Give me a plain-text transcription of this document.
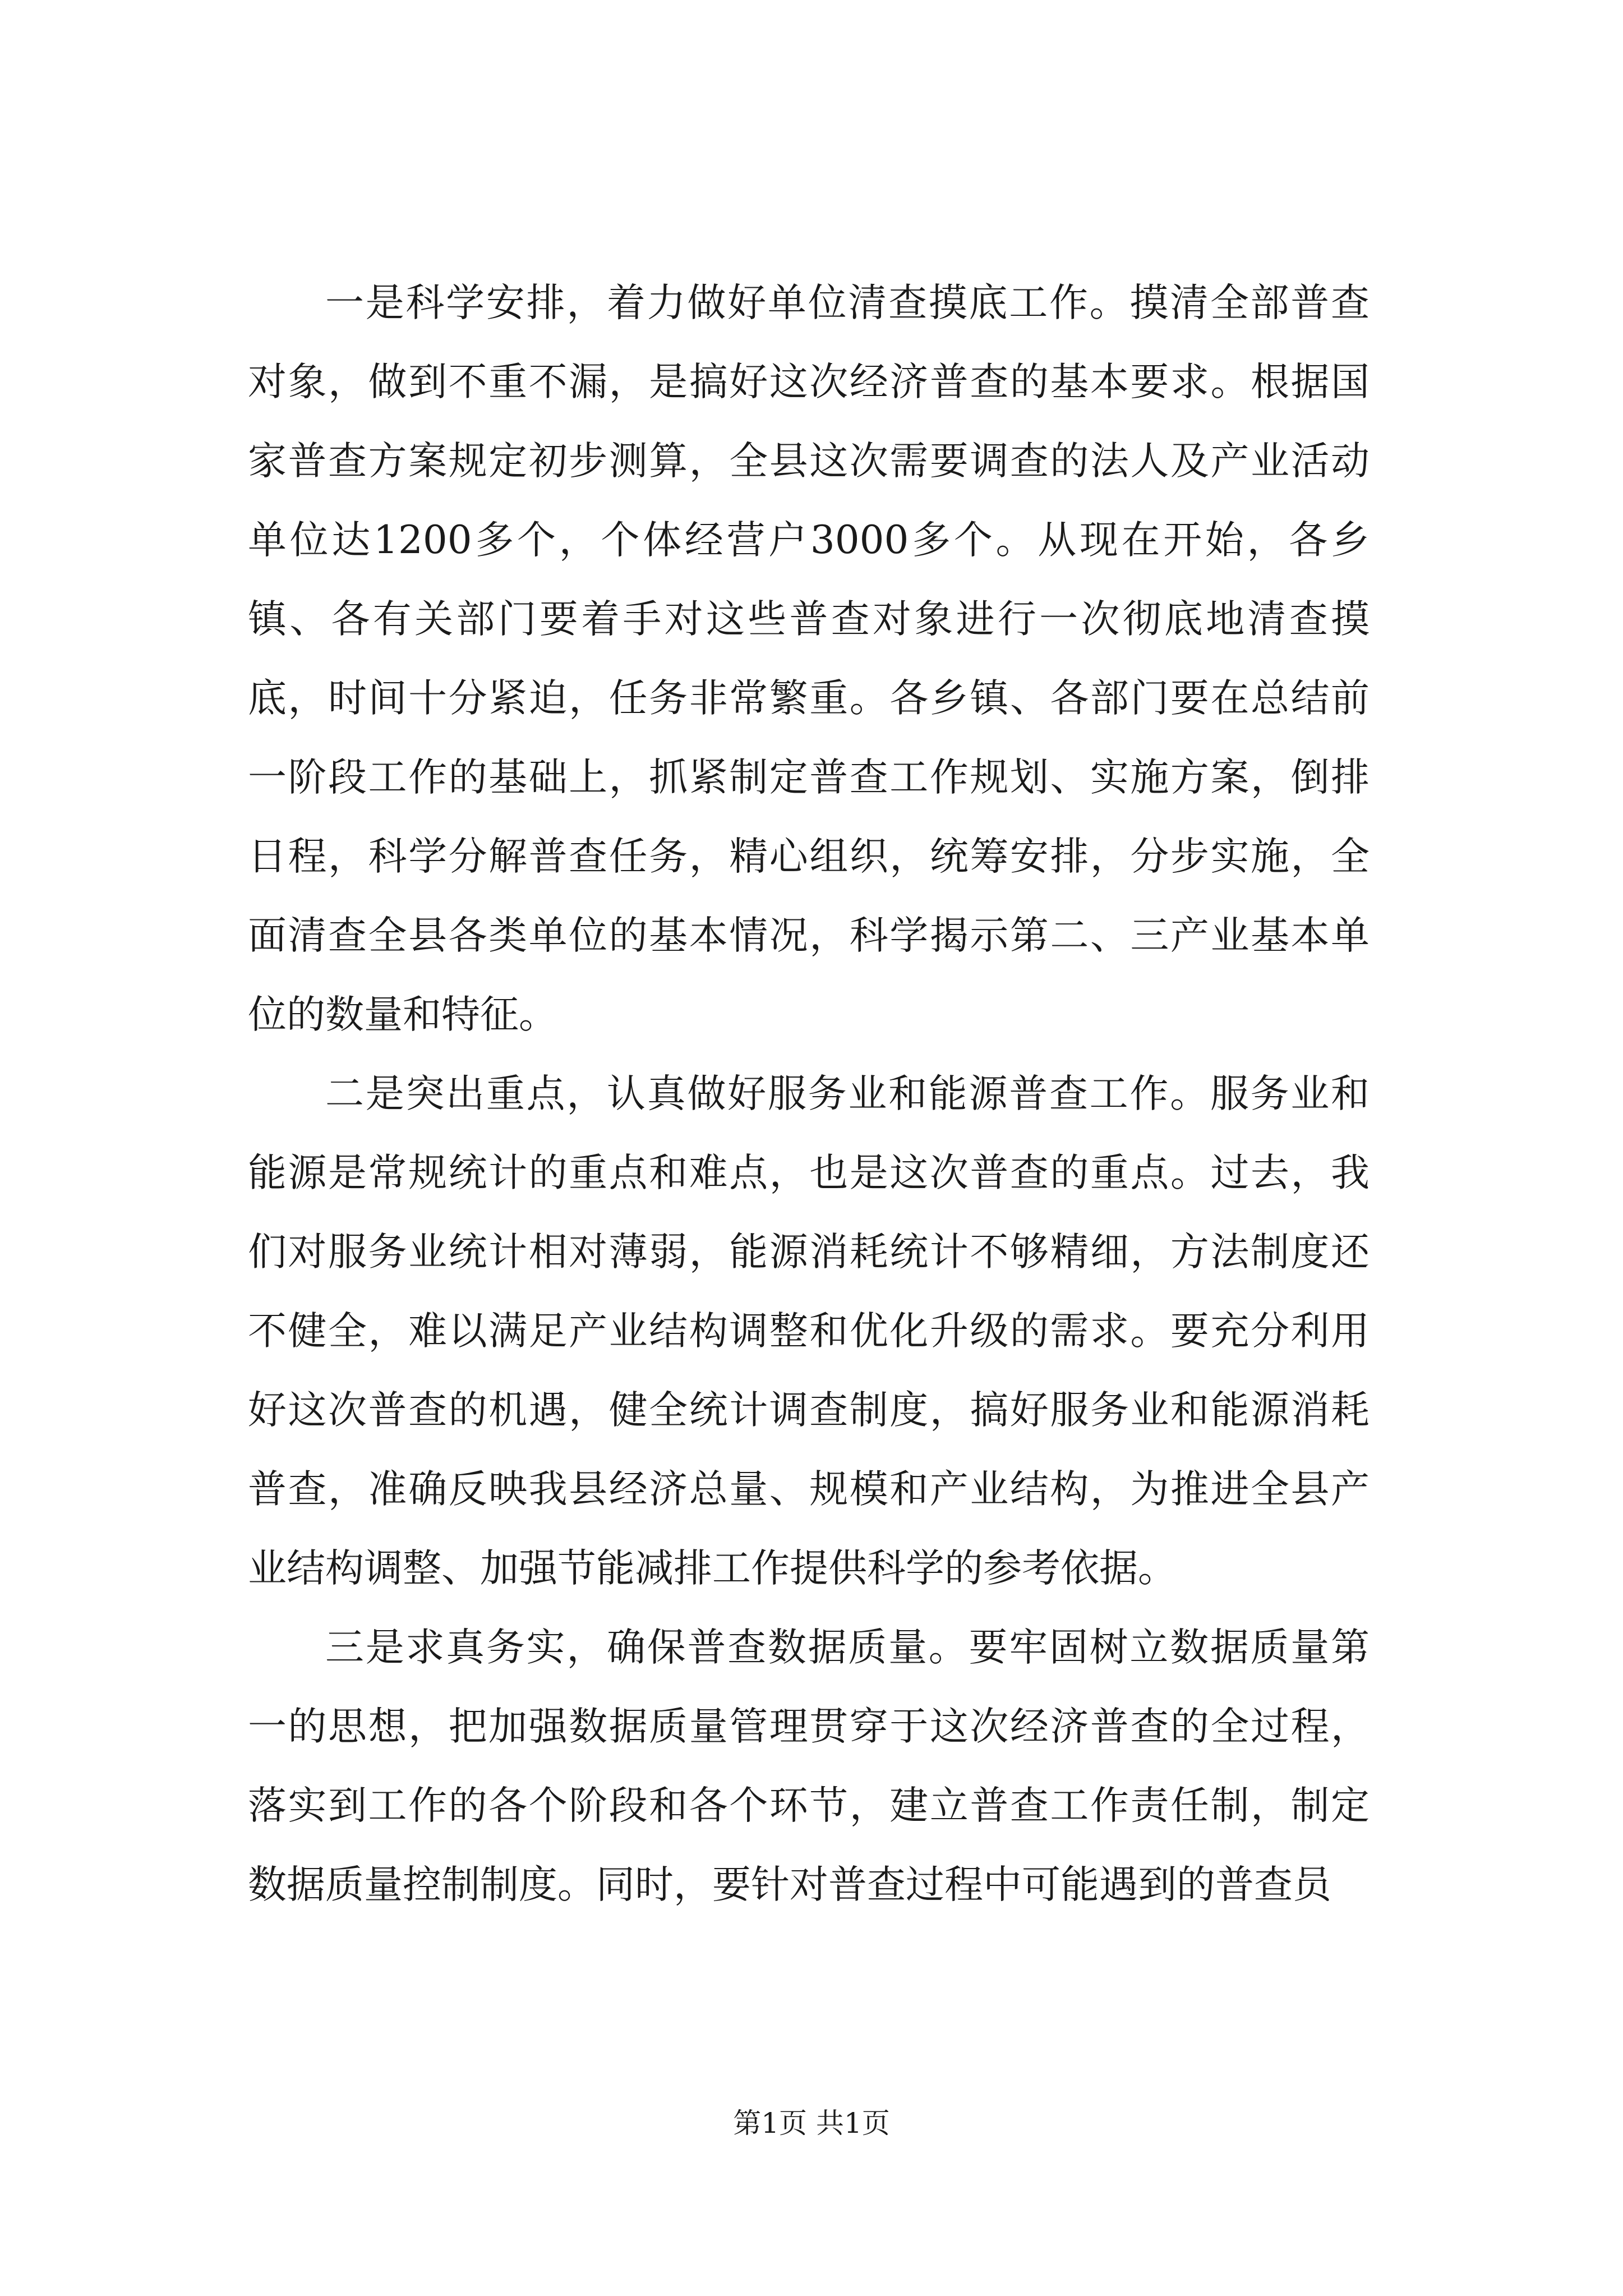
一是科学安排，着力做好单位清查摸底工作。摸清全部普查对象，做到不重不漏，是搞好这次经济普查的基本要求。根据国家普查方案规定初步测算，全县这次需要调查的法人及产业活动单位达1200多个，个体经营户3000多个。从现在开始，各乡镇、各有关部门要着手对这些普查对象进行一次彻底地清查摸底，时间十分紧迫，任务非常繁重。各乡镇、各部门要在总结前一阶段工作的基础上，抓紧制定普查工作规划、实施方案，倒排日程，科学分解普查任务，精心组织，统筹安排，分步实施，全面清查全县各类单位的基本情况，科学揭示第二、三产业基本单位的数量和特征。

二是突出重点，认真做好服务业和能源普查工作。服务业和能源是常规统计的重点和难点，也是这次普查的重点。过去，我们对服务业统计相对薄弱，能源消耗统计不够精细，方法制度还不健全，难以满足产业结构调整和优化升级的需求。要充分利用好这次普查的机遇，健全统计调查制度，搞好服务业和能源消耗普查，准确反映我县经济总量、规模和产业结构，为推进全县产业结构调整、加强节能减排工作提供科学的参考依据。

三是求真务实，确保普查数据质量。要牢固树立数据质量第一的思想，把加强数据质量管理贯穿于这次经济普查的全过程，落实到工作的各个阶段和各个环节，建立普查工作责任制，制定数据质量控制制度。同时，要针对普查过程中可能遇到的普查员

第1页 共1页
